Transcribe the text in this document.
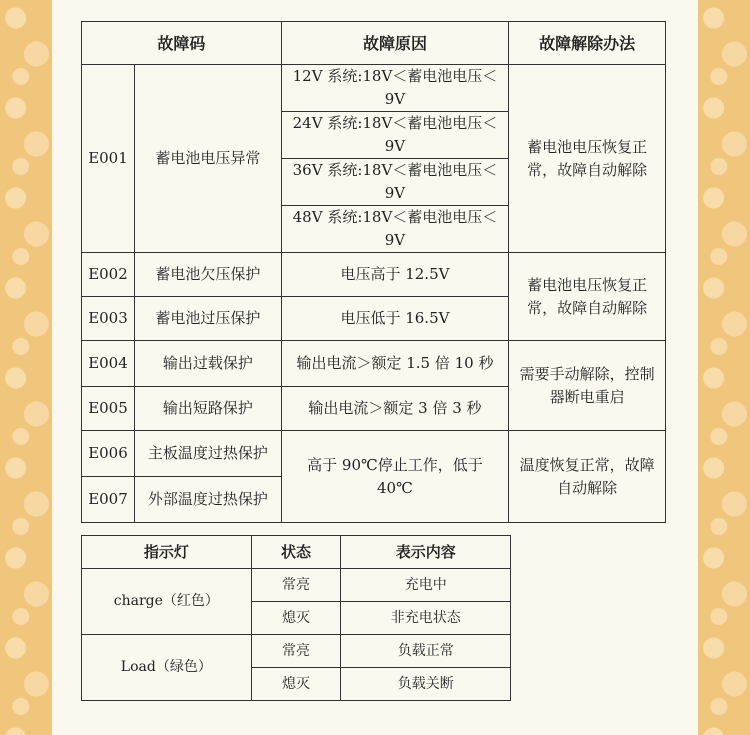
故障码		故障原因	故障解除办法
E001	蓄电池电压异常	12V 系统:18V＜蓄电池电压＜9V	蓄电池电压恢复正常，故障自动解除
		24V 系统:18V＜蓄电池电压＜9V	
		36V 系统:18V＜蓄电池电压＜9V	
		48V 系统:18V＜蓄电池电压＜9V	
E002	蓄电池欠压保护	电压高于 12.5V	蓄电池电压恢复正常，故障自动解除
E003	蓄电池过压保护	电压低于 16.5V	
E004	输出过载保护	输出电流＞额定 1.5 倍 10 秒	需要手动解除，控制器断电重启
E005	输出短路保护	输出电流＞额定 3 倍 3 秒	
E006	主板温度过热保护	高于 90℃停止工作，低于 40℃	温度恢复正常，故障自动解除
E007	外部温度过热保护		
指示灯	状态	表示内容
charge（红色）	常亮	充电中
	熄灭	非充电状态
Load（绿色）	常亮	负载正常
	熄灭	负载关断
